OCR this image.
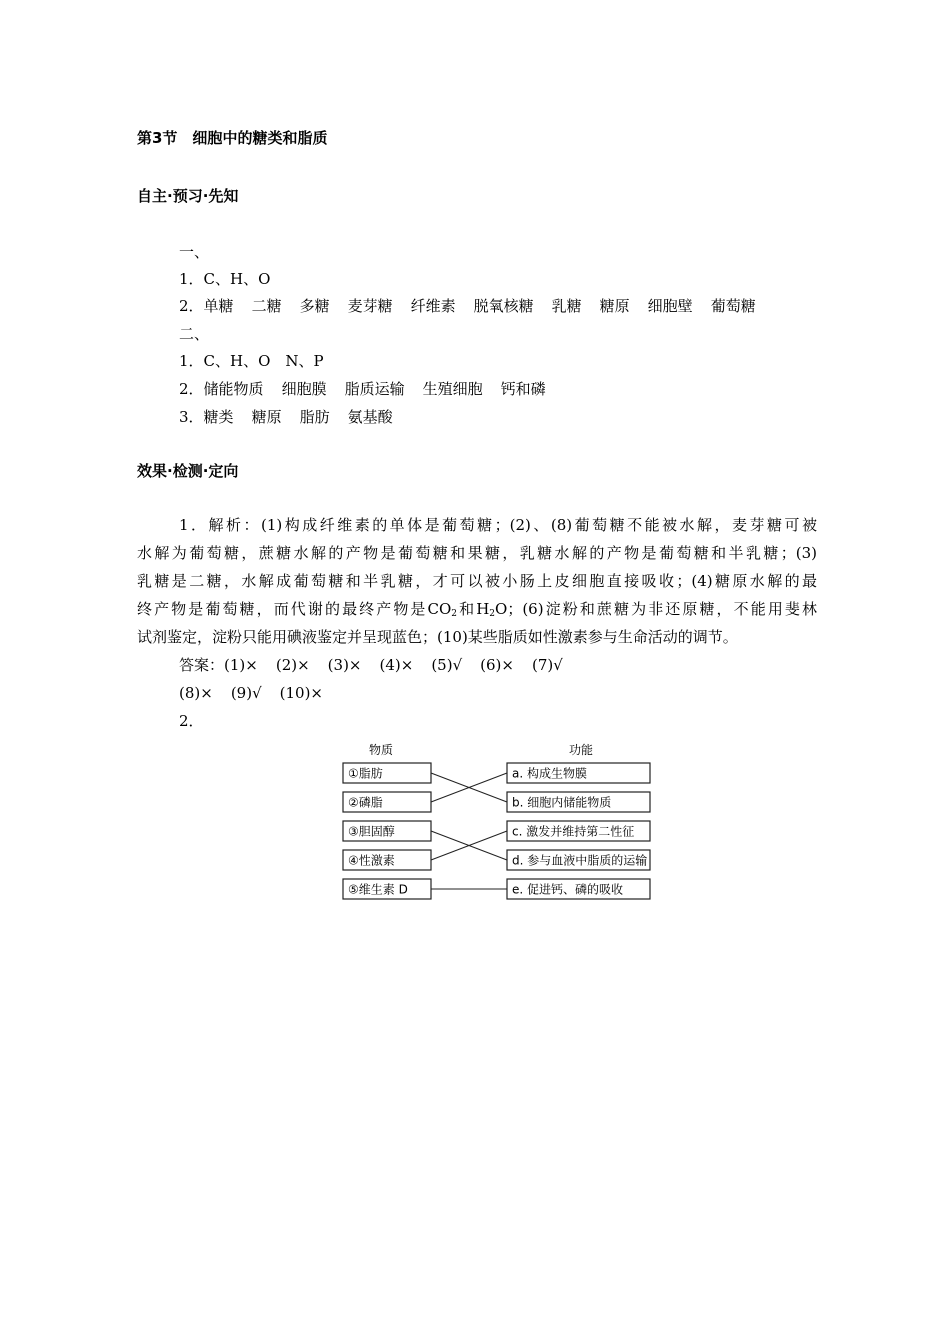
第3节　细胞中的糖类和脂质
自主·预习·先知
一、
1．C、H、O
2．单糖 二糖 多糖 麦芽糖 纤维素 脱氧核糖 乳糖 糖原 细胞壁 葡萄糖
二、
1．C、H、O　N、P
2．储能物质 细胞膜 脂质运输 生殖细胞 钙和磷
3．糖类 糖原 脂肪 氨基酸
效果·检测·定向
1．解析：(1)构成纤维素的单体是葡萄糖；(2)、(8)葡萄糖不能被水解，麦芽糖可被
水解为葡萄糖，蔗糖水解的产物是葡萄糖和果糖，乳糖水解的产物是葡萄糖和半乳糖；(3)
乳糖是二糖，水解成葡萄糖和半乳糖，才可以被小肠上皮细胞直接吸收；(4)糖原水解的最
终产物是葡萄糖，而代谢的最终产物是$CO_2$和$H_2O$；(6)淀粉和蔗糖为非还原糖，不能用斐林
试剂鉴定，淀粉只能用碘液鉴定并呈现蓝色；(10)某些脂质如性激素参与生命活动的调节。
答案：(1)× (2)× (3)× (4)× (5)√ (6)× (7)√
(8)× (9)√ (10)×
2．
物质	功能
①脂肪
②磷脂
③胆固醇
④性激素
⑤维生素 D
a. 构成生物膜
b. 细胞内储能物质
c. 激发并维持第二性征
d. 参与血液中脂质的运输
e. 促进钙、磷的吸收
